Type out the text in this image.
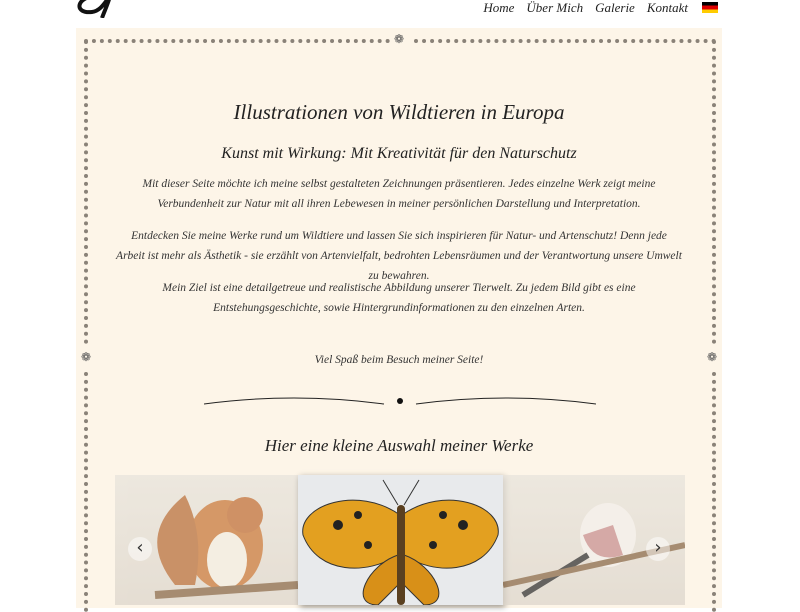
Home Über Mich Galerie Kontakt
❁
❁	❁
Illustrationen von Wildtieren in Europa
Kunst mit Wirkung: Mit Kreativität für den Naturschutz

Mit dieser Seite möchte ich meine selbst gestalteten Zeichnungen präsentieren. Jedes einzelne Werk zeigt meine Verbundenheit zur Natur mit all ihren Lebewesen in meiner persönlichen Darstellung und Interpretation.

Entdecken Sie meine Werke rund um Wildtiere und lassen Sie sich inspirieren für Natur- und Artenschutz! Denn jede Arbeit ist mehr als Ästhetik - sie erzählt von Artenvielfalt, bedrohten Lebensräumen und der Verantwortung unsere Umwelt zu bewahren.

Mein Ziel ist eine detailgetreue und realistische Abbildung unserer Tierwelt. Zu jedem Bild gibt es eine Entstehungsgeschichte, sowie Hintergrundinformationen zu den einzelnen Arten.

Viel Spaß beim Besuch meiner Seite!

Hier eine kleine Auswahl meiner Werke
‹	›
